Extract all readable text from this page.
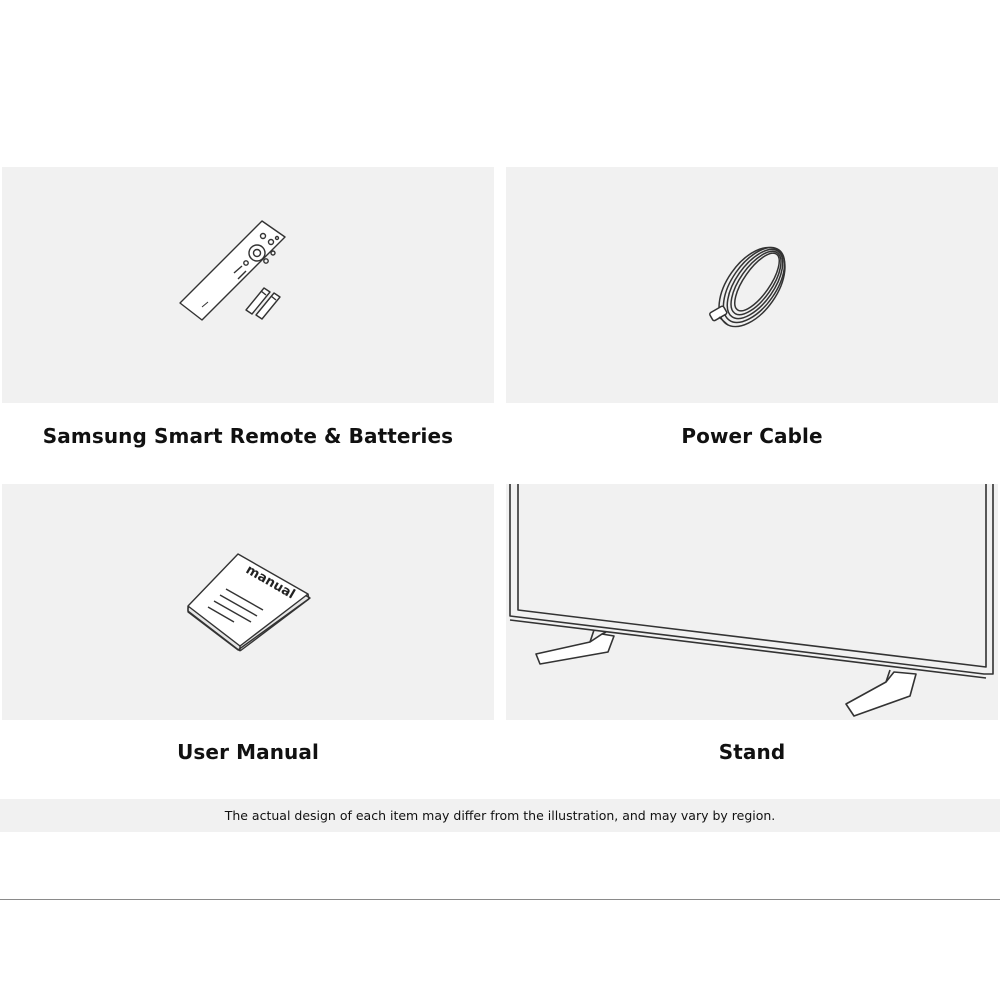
manual
Samsung Smart Remote & Batteries	Power Cable
User Manual	Stand
The actual design of each item may differ from the illustration, and may vary by region.
